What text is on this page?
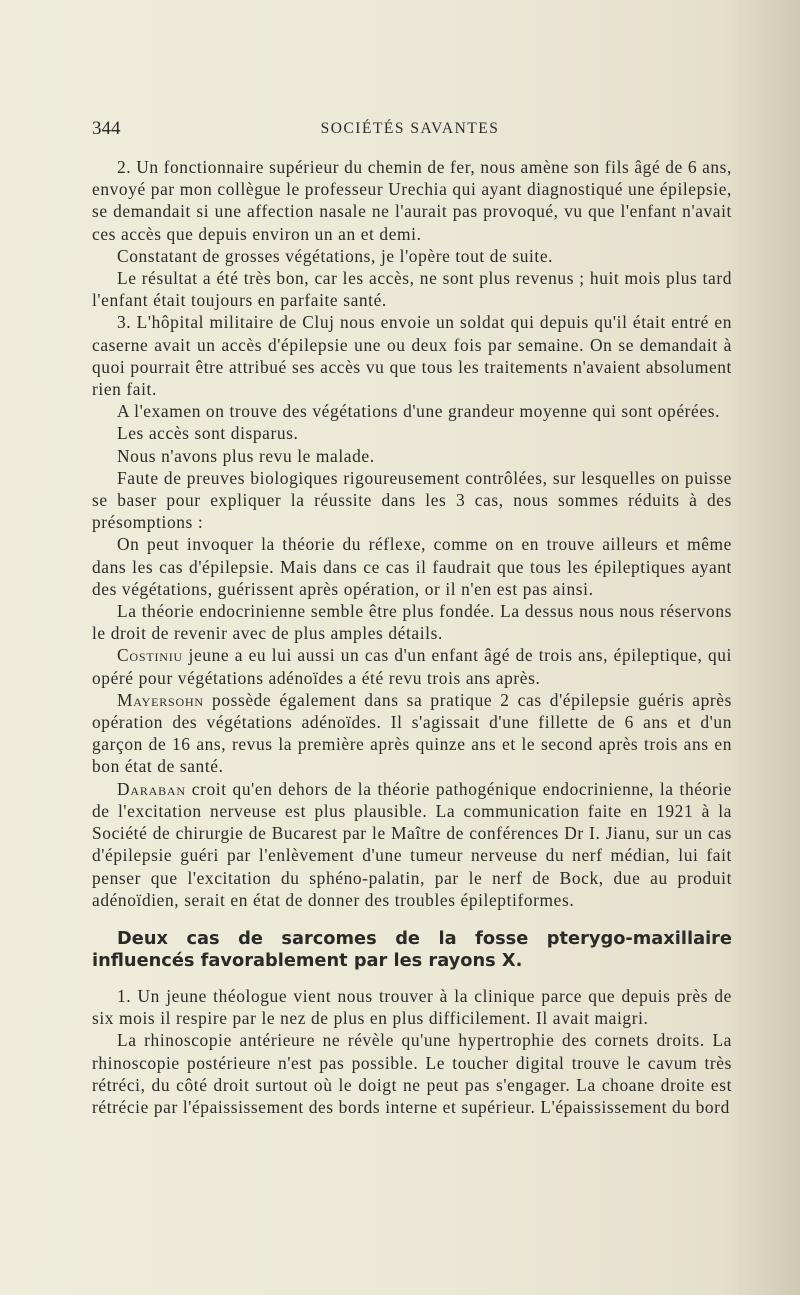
344	SOCIÉTÉS SAVANTES

2. Un fonctionnaire supérieur du chemin de fer, nous amène son fils âgé de 6 ans, envoyé par mon collègue le professeur Urechia qui ayant diagnostiqué une épilepsie, se demandait si une affection nasale ne l'aurait pas provoqué, vu que l'enfant n'avait ces accès que depuis environ un an et demi.

Constatant de grosses végétations, je l'opère tout de suite.

Le résultat a été très bon, car les accès, ne sont plus revenus ; huit mois plus tard l'enfant était toujours en parfaite santé.

3. L'hôpital militaire de Cluj nous envoie un soldat qui depuis qu'il était entré en caserne avait un accès d'épilepsie une ou deux fois par semaine. On se demandait à quoi pourrait être attribué ses accès vu que tous les traitements n'avaient absolument rien fait.

A l'examen on trouve des végétations d'une grandeur moyenne qui sont opérées.

Les accès sont disparus.

Nous n'avons plus revu le malade.

Faute de preuves biologiques rigoureusement contrôlées, sur lesquelles on puisse se baser pour expliquer la réussite dans les 3 cas, nous sommes réduits à des présomptions :

On peut invoquer la théorie du réflexe, comme on en trouve ailleurs et même dans les cas d'épilepsie. Mais dans ce cas il faudrait que tous les épileptiques ayant des végétations, guérissent après opération, or il n'en est pas ainsi.

La théorie endocrinienne semble être plus fondée. La dessus nous nous réservons le droit de revenir avec de plus amples détails.

Costiniu jeune a eu lui aussi un cas d'un enfant âgé de trois ans, épileptique, qui opéré pour végétations adénoïdes a été revu trois ans après.

Mayersohn possède également dans sa pratique 2 cas d'épilepsie guéris après opération des végétations adénoïdes. Il s'agissait d'une fillette de 6 ans et d'un garçon de 16 ans, revus la première après quinze ans et le second après trois ans en bon état de santé.

Daraban croit qu'en dehors de la théorie pathogénique endocrinienne, la théorie de l'excitation nerveuse est plus plausible. La communication faite en 1921 à la Société de chirurgie de Bucarest par le Maître de conférences Dr I. Jianu, sur un cas d'épilepsie guéri par l'enlèvement d'une tumeur nerveuse du nerf médian, lui fait penser que l'excitation du sphéno-palatin, par le nerf de Bock, due au produit adénoïdien, serait en état de donner des troubles épileptiformes.

Deux cas de sarcomes de la fosse pterygo-maxillaire influencés favorablement par les rayons X.

1. Un jeune théologue vient nous trouver à la clinique parce que depuis près de six mois il respire par le nez de plus en plus difficilement. Il avait maigri.

La rhinoscopie antérieure ne révèle qu'une hypertrophie des cornets droits. La rhinoscopie postérieure n'est pas possible. Le toucher digital trouve le cavum très rétréci, du côté droit surtout où le doigt ne peut pas s'engager. La choane droite est rétrécie par l'épaississement des bords interne et supérieur. L'épaississement du bord
